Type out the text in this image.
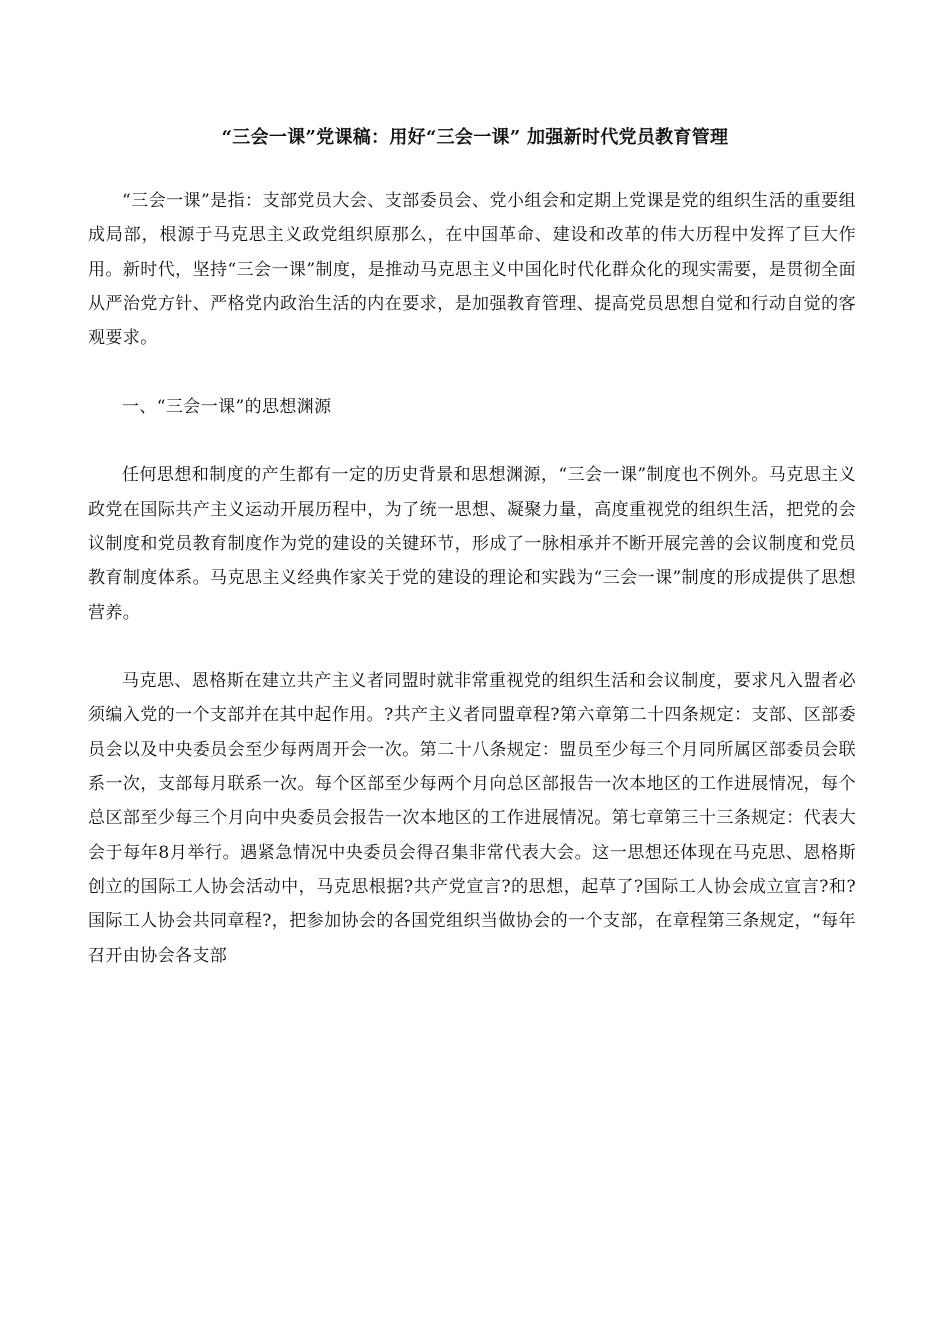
“三会一课”党课稿：用好“三会一课” 加强新时代党员教育管理

“三会一课”是指：支部党员大会、支部委员会、党小组会和定期上党课是党的组织生活的重要组成局部，根源于马克思主义政党组织原那么，在中国革命、建设和改革的伟大历程中发挥了巨大作用。新时代，坚持“三会一课”制度，是推动马克思主义中国化时代化群众化的现实需要，是贯彻全面从严治党方针、严格党内政治生活的内在要求，是加强教育管理、提高党员思想自觉和行动自觉的客观要求。

一、“三会一课”的思想渊源

任何思想和制度的产生都有一定的历史背景和思想渊源，“三会一课”制度也不例外。马克思主义政党在国际共产主义运动开展历程中，为了统一思想、凝聚力量，高度重视党的组织生活，把党的会议制度和党员教育制度作为党的建设的关键环节，形成了一脉相承并不断开展完善的会议制度和党员教育制度体系。马克思主义经典作家关于党的建设的理论和实践为“三会一课”制度的形成提供了思想营养。

马克思、恩格斯在建立共产主义者同盟时就非常重视党的组织生活和会议制度，要求凡入盟者必须编入党的一个支部并在其中起作用。?共产主义者同盟章程?第六章第二十四条规定：支部、区部委员会以及中央委员会至少每两周开会一次。第二十八条规定：盟员至少每三个月同所属区部委员会联系一次，支部每月联系一次。每个区部至少每两个月向总区部报告一次本地区的工作进展情况，每个总区部至少每三个月向中央委员会报告一次本地区的工作进展情况。第七章第三十三条规定：代表大会于每年8月举行。遇紧急情况中央委员会得召集非常代表大会。这一思想还体现在马克思、恩格斯创立的国际工人协会活动中，马克思根据?共产党宣言?的思想，起草了?国际工人协会成立宣言?和?国际工人协会共同章程?，把参加协会的各国党组织当做协会的一个支部，在章程第三条规定，“每年召开由协会各支部
